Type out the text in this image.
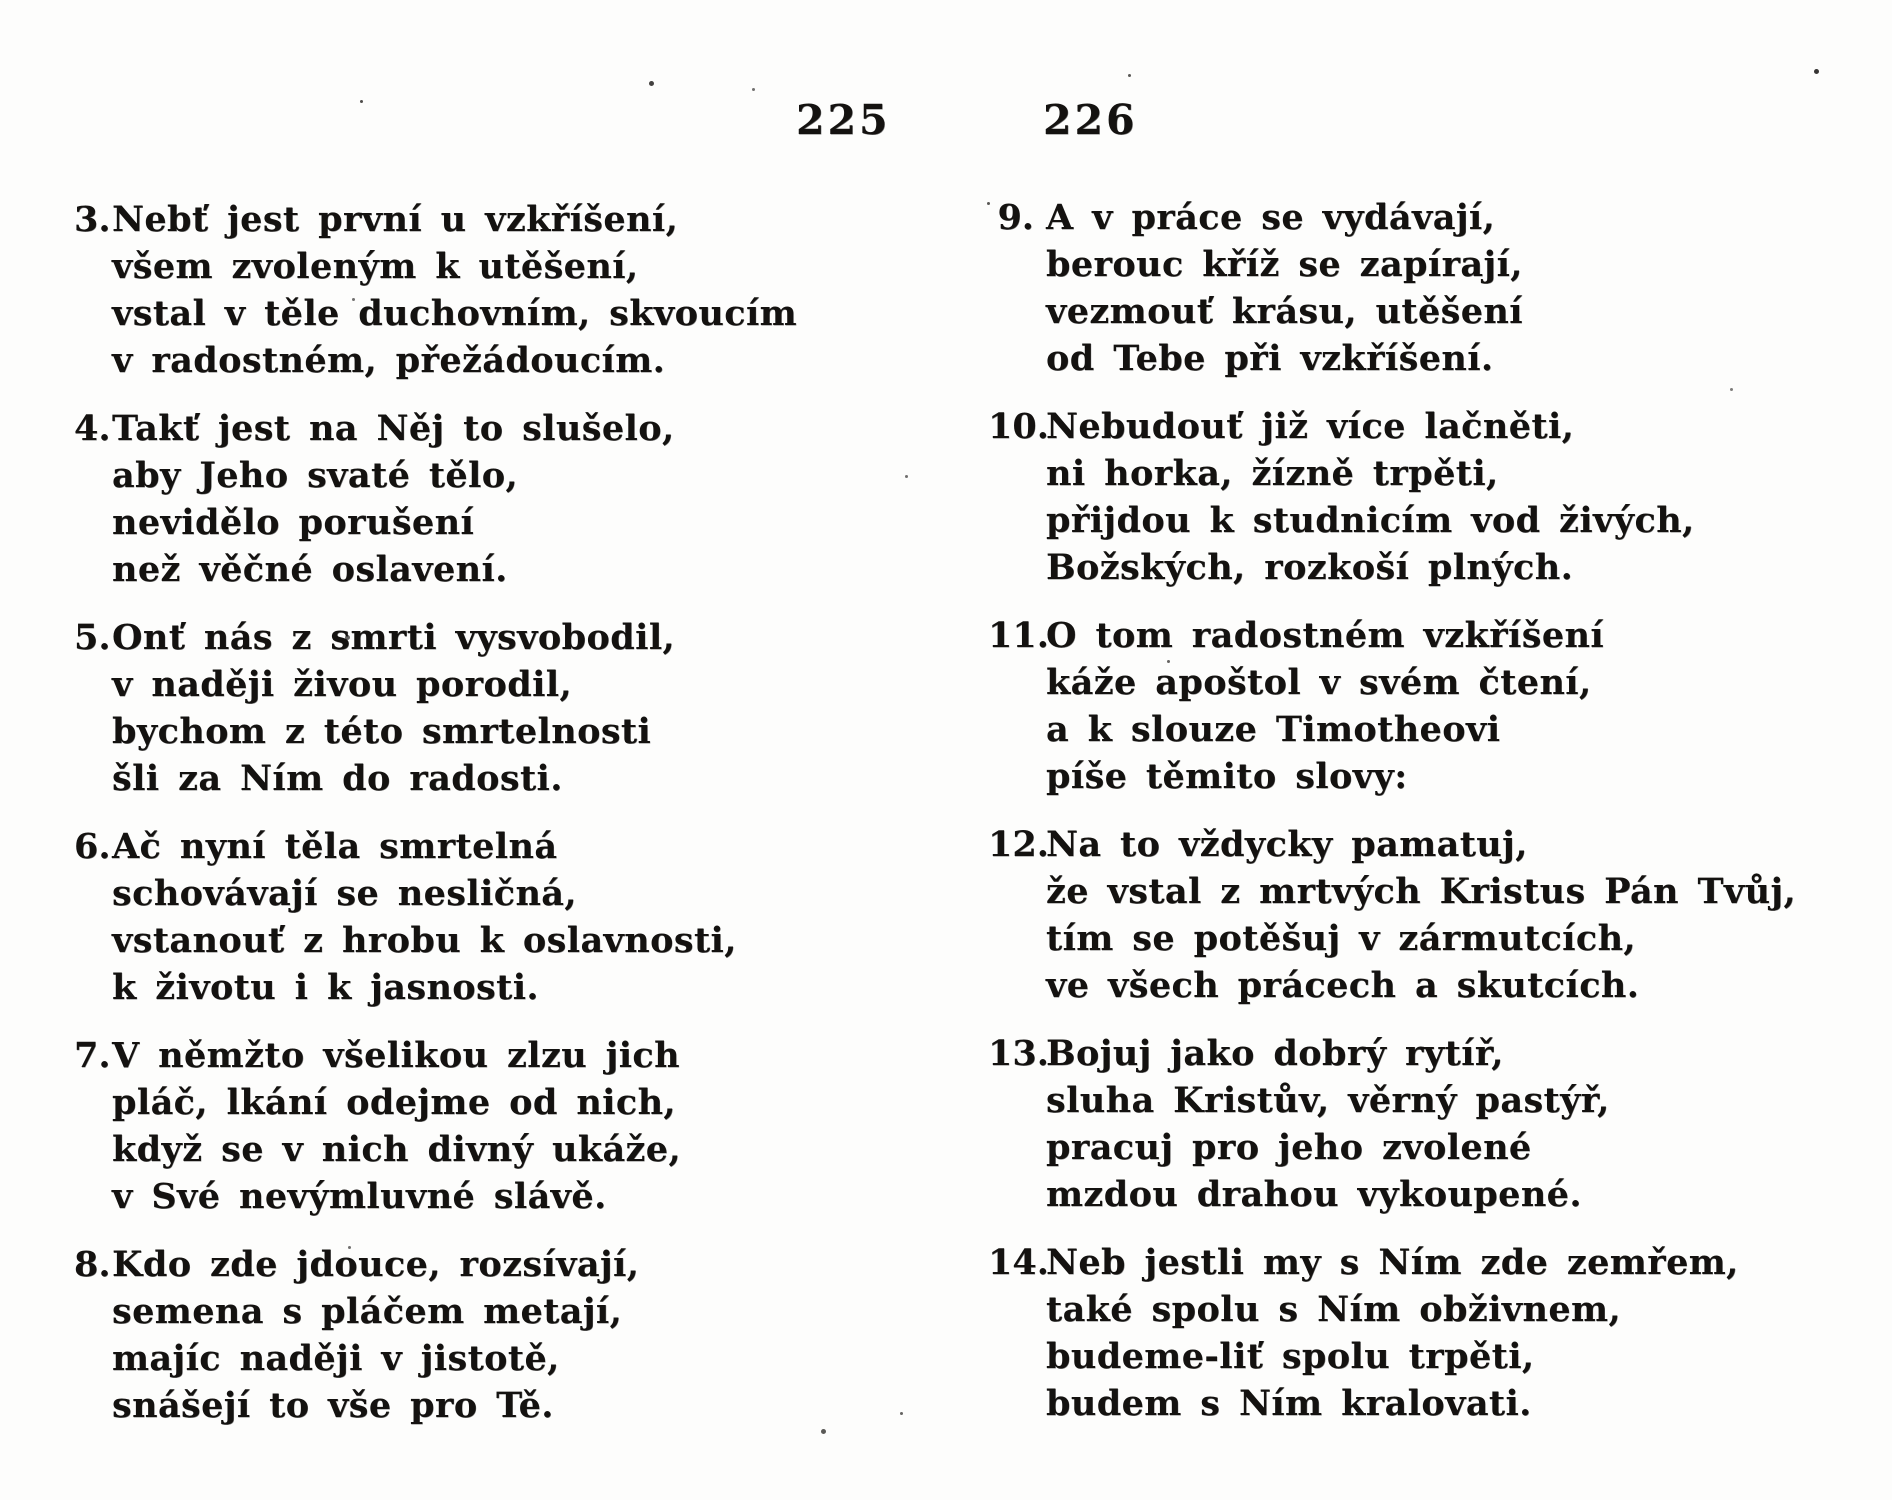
225	226
3. Nebť jest první u vzkříšení,
všem zvoleným k utěšení,
vstal v těle duchovním, skvoucím
v radostném, přežádoucím.
4. Takť jest na Něj to slušelo,
aby Jeho svaté tělo,
nevidělo porušení
než věčné oslavení.
5. Onť nás z smrti vysvobodil,
v naději živou porodil,
bychom z této smrtelnosti
šli za Ním do radosti.
6. Ač nyní těla smrtelná
schovávají se nesličná,
vstanouť z hrobu k oslavnosti,
k životu i k jasnosti.
7. V němžto všelikou zlzu jich
pláč, lkání odejme od nich,
když se v nich divný ukáže,
v Své nevýmluvné slávě.
8. Kdo zde jdouce, rozsívají,
semena s pláčem metají,
majíc naději v jistotě,
snášejí to vše pro Tě.
9. A v práce se vydávají,
berouc kříž se zapírají,
vezmouť krásu, utěšení
od Tebe při vzkříšení.
10.
Nebudouť již více lačněti,
ni horka, žízně trpěti,
přijdou k studnicím vod živých,
Božských, rozkoší plných.
11.
O tom radostném vzkříšení
káže apoštol v svém čtení,
a k slouze Timotheovi
píše těmito slovy:
12.
Na to vždycky pamatuj,
že vstal z mrtvých Kristus Pán Tvůj,
tím se potěšuj v zármutcích,
ve všech prácech a skutcích.
13.
Bojuj jako dobrý rytíř,
sluha Kristův, věrný pastýř,
pracuj pro jeho zvolené
mzdou drahou vykoupené.
14.
Neb jestli my s Ním zde zemřem,
také spolu s Ním obživnem,
budeme-liť spolu trpěti,
budem s Ním kralovati.
